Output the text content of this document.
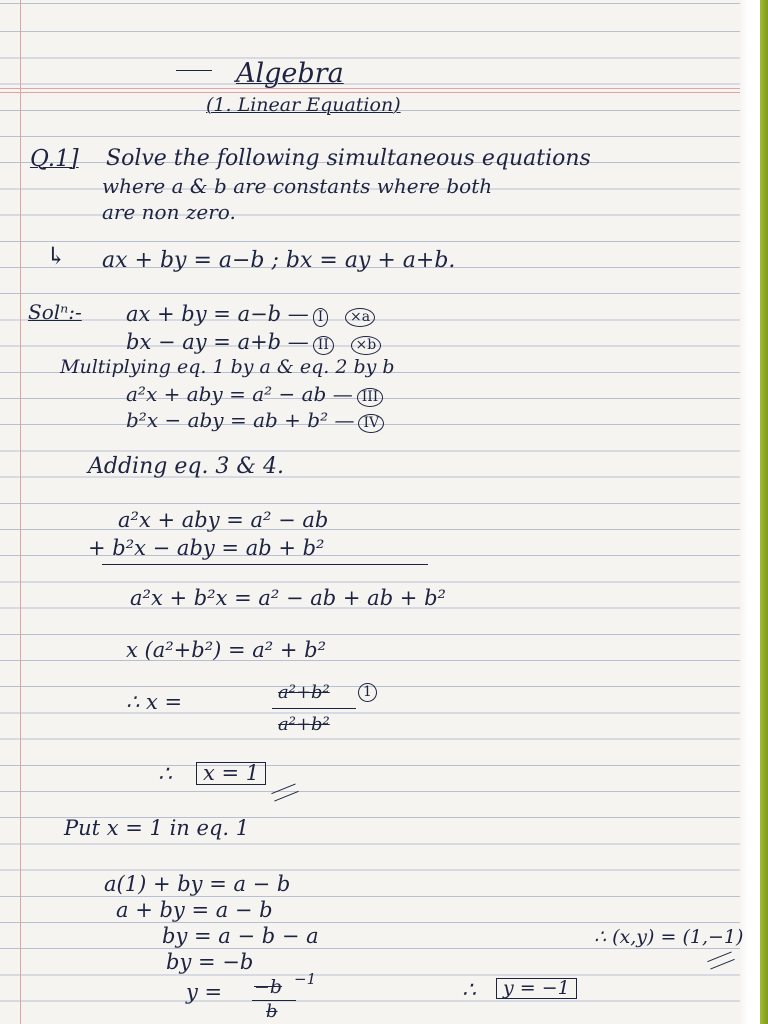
Algebra
(1. Linear Equation)
Q.1] Solve the following simultaneous equations
where a & b are constants where both
are non zero.
↳ ax + by = a−b ; bx = ay + a+b.
Solⁿ:- ax + by = a−b — I ×a
bx − ay = a+b — II ×b
Multiplying eq. 1 by a & eq. 2 by b
a²x + aby = a² − ab — III
b²x − aby = ab + b² — IV
Adding eq. 3 & 4.
a²x + aby = a² − ab
+ b²x − aby = ab + b²
a²x + b²x = a² − ab + ab + b²
x (a²+b²) = a² + b²
∴ x =	a²+b²	1
a²+b²
∴	x = 1
Put x = 1 in eq. 1
a(1) + by = a − b
a + by = a − b
by = a − b − a
by = −b
y = −b −1
b
∴	y = −1
∴ (x,y) = (1,−1)
